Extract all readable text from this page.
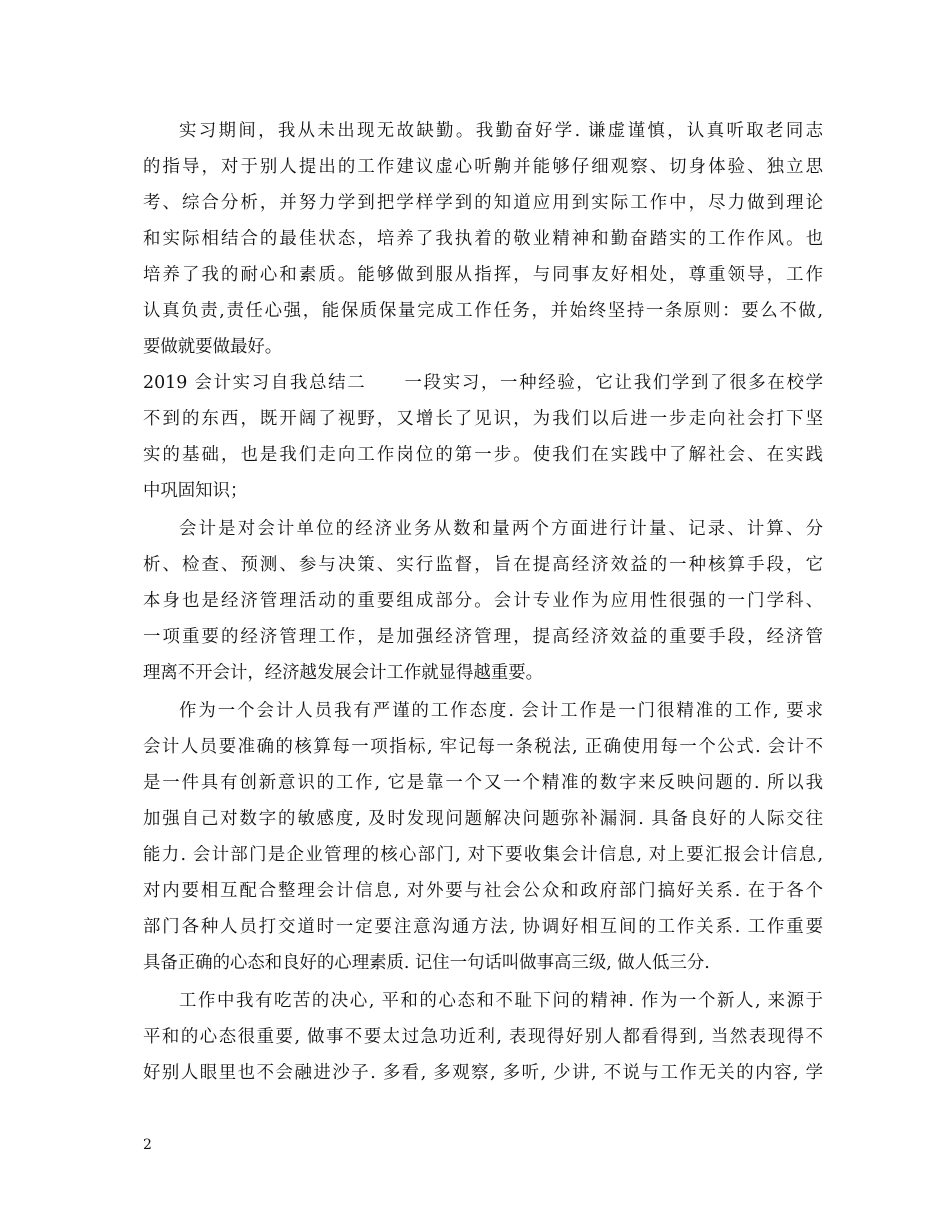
实习期间，我从未出现无故缺勤。我勤奋好学. 谦虚谨慎，认真听取老同志
的指导，对于别人提出的工作建议虚心听齁并能够仔细观察、切身体验、独立思
考、综合分析，并努力学到把学样学到的知道应用到实际工作中，尽力做到理论
和实际相结合的最佳状态，培养了我执着的敬业精神和勤奋踏实的工作作风。也
培养了我的耐心和素质。能够做到服从指挥，与同事友好相处，尊重领导，工作
认真负责,责任心强，能保质保量完成工作任务，并始终坚持一条原则：要么不做,
要做就要做最好。
2019 会计实习自我总结二　　一段实习，一种经验，它让我们学到了很多在校学
不到的东西，既开阔了视野，又增长了见识，为我们以后进一步走向社会打下坚
实的基础，也是我们走向工作岗位的第一步。使我们在实践中了解社会、在实践
中巩固知识；
会计是对会计单位的经济业务从数和量两个方面进行计量、记录、计算、分
析、检查、预测、参与决策、实行监督，旨在提高经济效益的一种核算手段，它
本身也是经济管理活动的重要组成部分。会计专业作为应用性很强的一门学科、
一项重要的经济管理工作，是加强经济管理，提高经济效益的重要手段，经济管
理离不开会计，经济越发展会计工作就显得越重要。
作为一个会计人员我有严谨的工作态度. 会计工作是一门很精准的工作, 要求
会计人员要准确的核算每一项指标, 牢记每一条税法, 正确使用每一个公式. 会计不
是一件具有创新意识的工作, 它是靠一个又一个精准的数字来反映问题的. 所以我
加强自己对数字的敏感度, 及时发现问题解决问题弥补漏洞. 具备良好的人际交往
能力. 会计部门是企业管理的核心部门, 对下要收集会计信息, 对上要汇报会计信息,
对内要相互配合整理会计信息, 对外要与社会公众和政府部门搞好关系. 在于各个
部门各种人员打交道时一定要注意沟通方法, 协调好相互间的工作关系. 工作重要
具备正确的心态和良好的心理素质. 记住一句话叫做事高三级, 做人低三分.
工作中我有吃苦的决心, 平和的心态和不耻下问的精神. 作为一个新人, 来源于
平和的心态很重要, 做事不要太过急功近利, 表现得好别人都看得到, 当然表现得不
好别人眼里也不会融进沙子. 多看, 多观察, 多听, 少讲, 不说与工作无关的内容, 学
2
